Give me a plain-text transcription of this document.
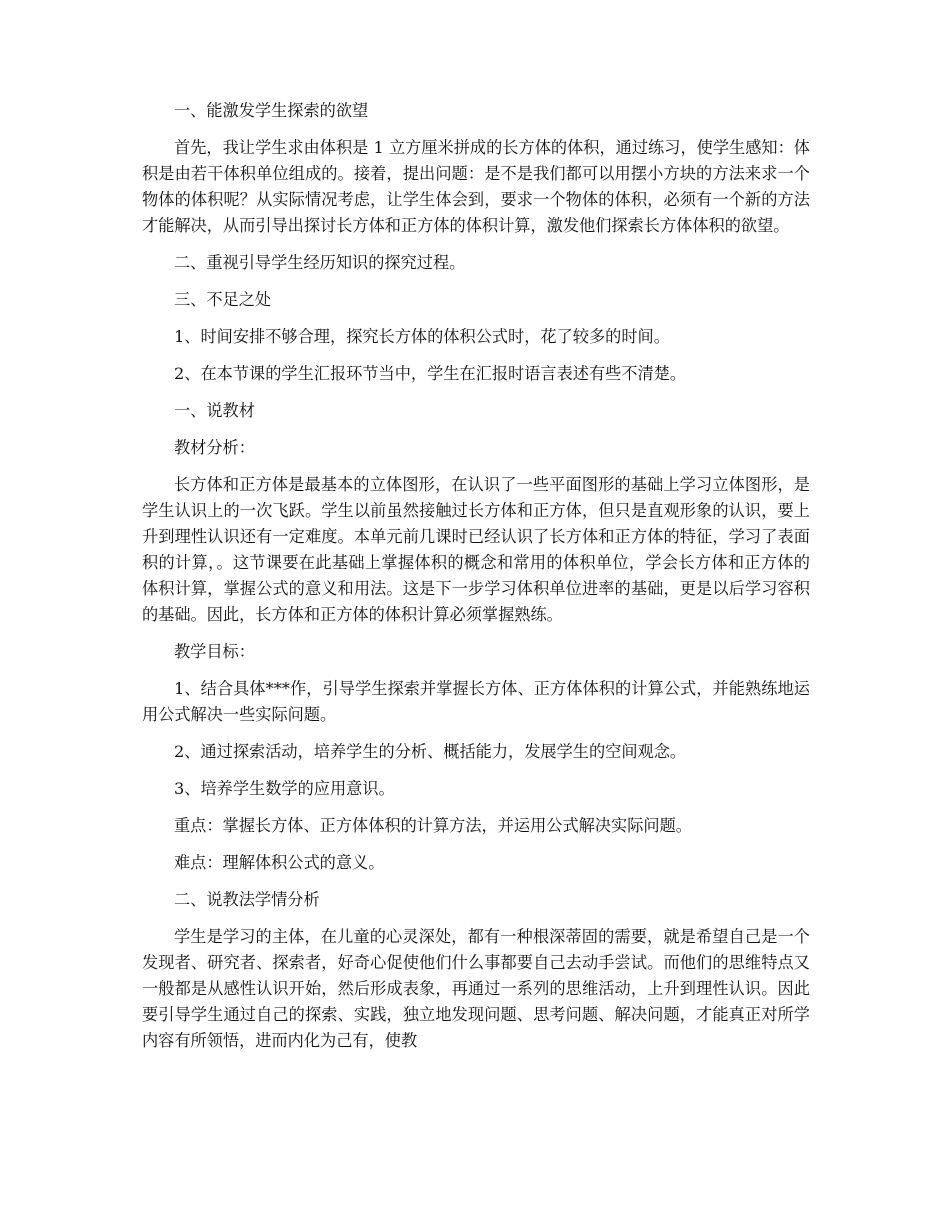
一、能激发学生探索的欲望

首先，我让学生求由体积是 1 立方厘米拼成的长方体的体积，通过练习，使学生感知：体积是由若干体积单位组成的。接着，提出问题：是不是我们都可以用摆小方块的方法来求一个物体的体积呢？从实际情况考虑，让学生体会到，要求一个物体的体积，必须有一个新的方法才能解决，从而引导出探讨长方体和正方体的体积计算，激发他们探索长方体体积的欲望。

二、重视引导学生经历知识的探究过程。

三、不足之处

1、时间安排不够合理，探究长方体的体积公式时，花了较多的时间。

2、在本节课的学生汇报环节当中，学生在汇报时语言表述有些不清楚。

一、说教材

教材分析：

长方体和正方体是最基本的立体图形，在认识了一些平面图形的基础上学习立体图形，是学生认识上的一次飞跃。学生以前虽然接触过长方体和正方体，但只是直观形象的认识，要上升到理性认识还有一定难度。本单元前几课时已经认识了长方体和正方体的特征，学习了表面积的计算，。这节课要在此基础上掌握体积的概念和常用的体积单位，学会长方体和正方体的体积计算，掌握公式的意义和用法。这是下一步学习体积单位进率的基础，更是以后学习容积的基础。因此，长方体和正方体的体积计算必须掌握熟练。

教学目标：

1、结合具体***作，引导学生探索并掌握长方体、正方体体积的计算公式，并能熟练地运用公式解决一些实际问题。

2、通过探索活动，培养学生的分析、概括能力，发展学生的空间观念。

3、培养学生数学的应用意识。

重点：掌握长方体、正方体体积的计算方法，并运用公式解决实际问题。

难点：理解体积公式的意义。

二、说教法学情分析

学生是学习的主体，在儿童的心灵深处，都有一种根深蒂固的需要，就是希望自己是一个发现者、研究者、探索者，好奇心促使他们什么事都要自己去动手尝试。而他们的思维特点又一般都是从感性认识开始，然后形成表象，再通过一系列的思维活动，上升到理性认识。因此要引导学生通过自己的探索、实践，独立地发现问题、思考问题、解决问题，才能真正对所学内容有所领悟，进而内化为己有，使教
